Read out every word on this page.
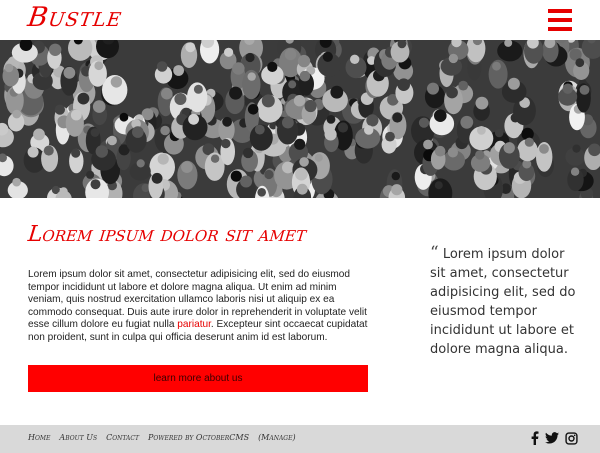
Bustle
Lorem ipsum dolor sit amet

Lorem ipsum dolor sit amet, consectetur adipisicing elit, sed do eiusmod tempor incididunt ut labore et dolore magna aliqua. Ut enim ad minim veniam, quis nostrud exercitation ullamco laboris nisi ut aliquip ex ea commodo consequat. Duis aute irure dolor in reprehenderit in voluptate velit esse cillum dolore eu fugiat nulla pariatur. Excepteur sint occaecat cupidatat non proident, sunt in culpa qui officia deserunt anim id est laborum.

learn more about us
“ Lorem ipsum dolor sit amet, consectetur adipisicing elit, sed do eiusmod tempor incididunt ut labore et dolore magna aliqua.
Home About Us Contact Powered by OctoberCMS (Manage)
